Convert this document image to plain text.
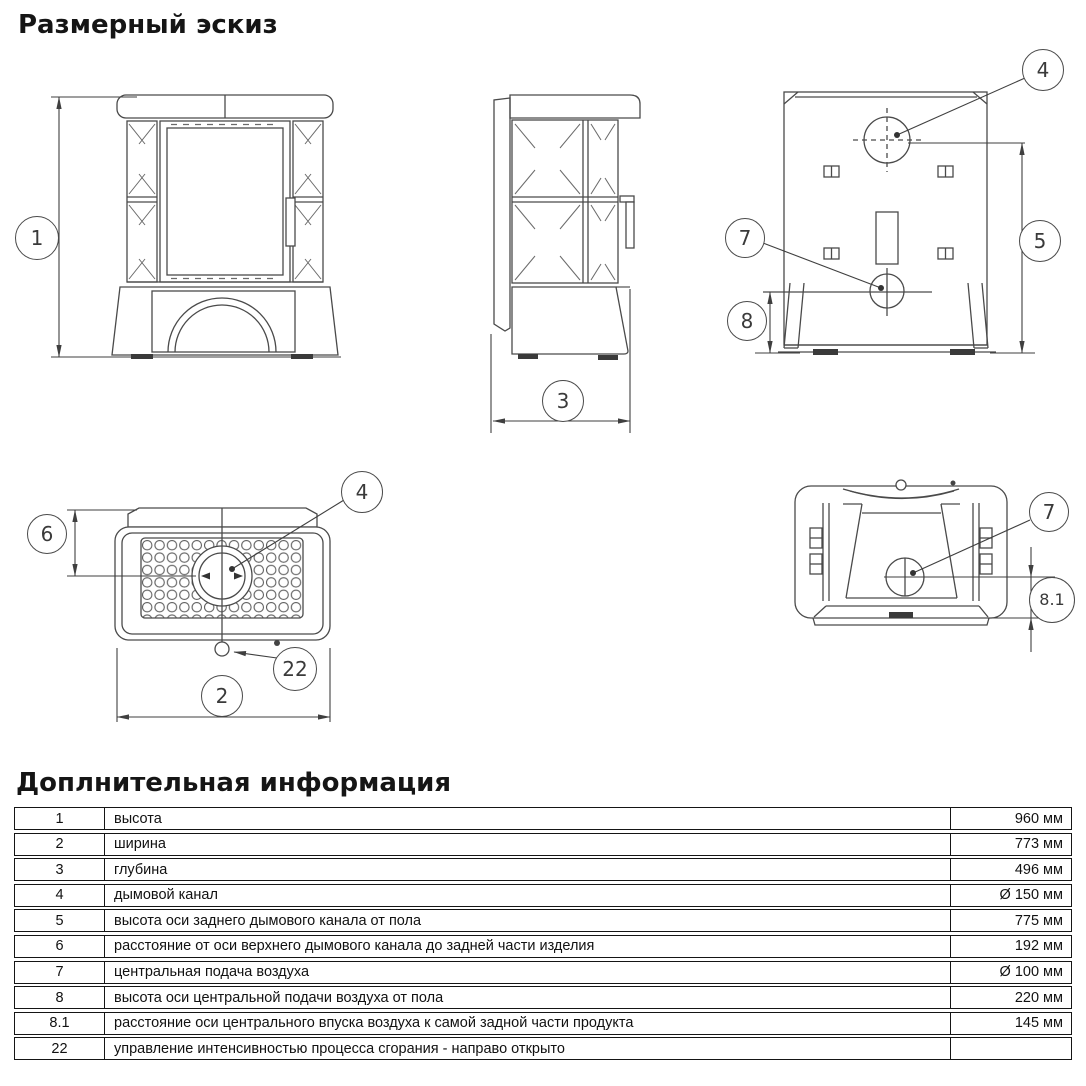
Размерный эскиз
1
3
4
7	5
8
6
4
22
2
7
8.1
Доплнительная информация
1	высота	960 мм
2	ширина	773 мм
3	глубина	496 мм
4	дымовой канал	Ø 150 мм
5	высота оси заднего дымового канала от пола	775 мм
6	расстояние от оси верхнего дымового канала до задней части изделия	192 мм
7	центральная подача воздуха	Ø 100 мм
8	высота оси центральной подачи воздуха от пола	220 мм
8.1	расстояние оси центрального впуска воздуха к самой задной части продукта	145 мм
22	управление интенсивностью процесса сгорания - направо открыто
